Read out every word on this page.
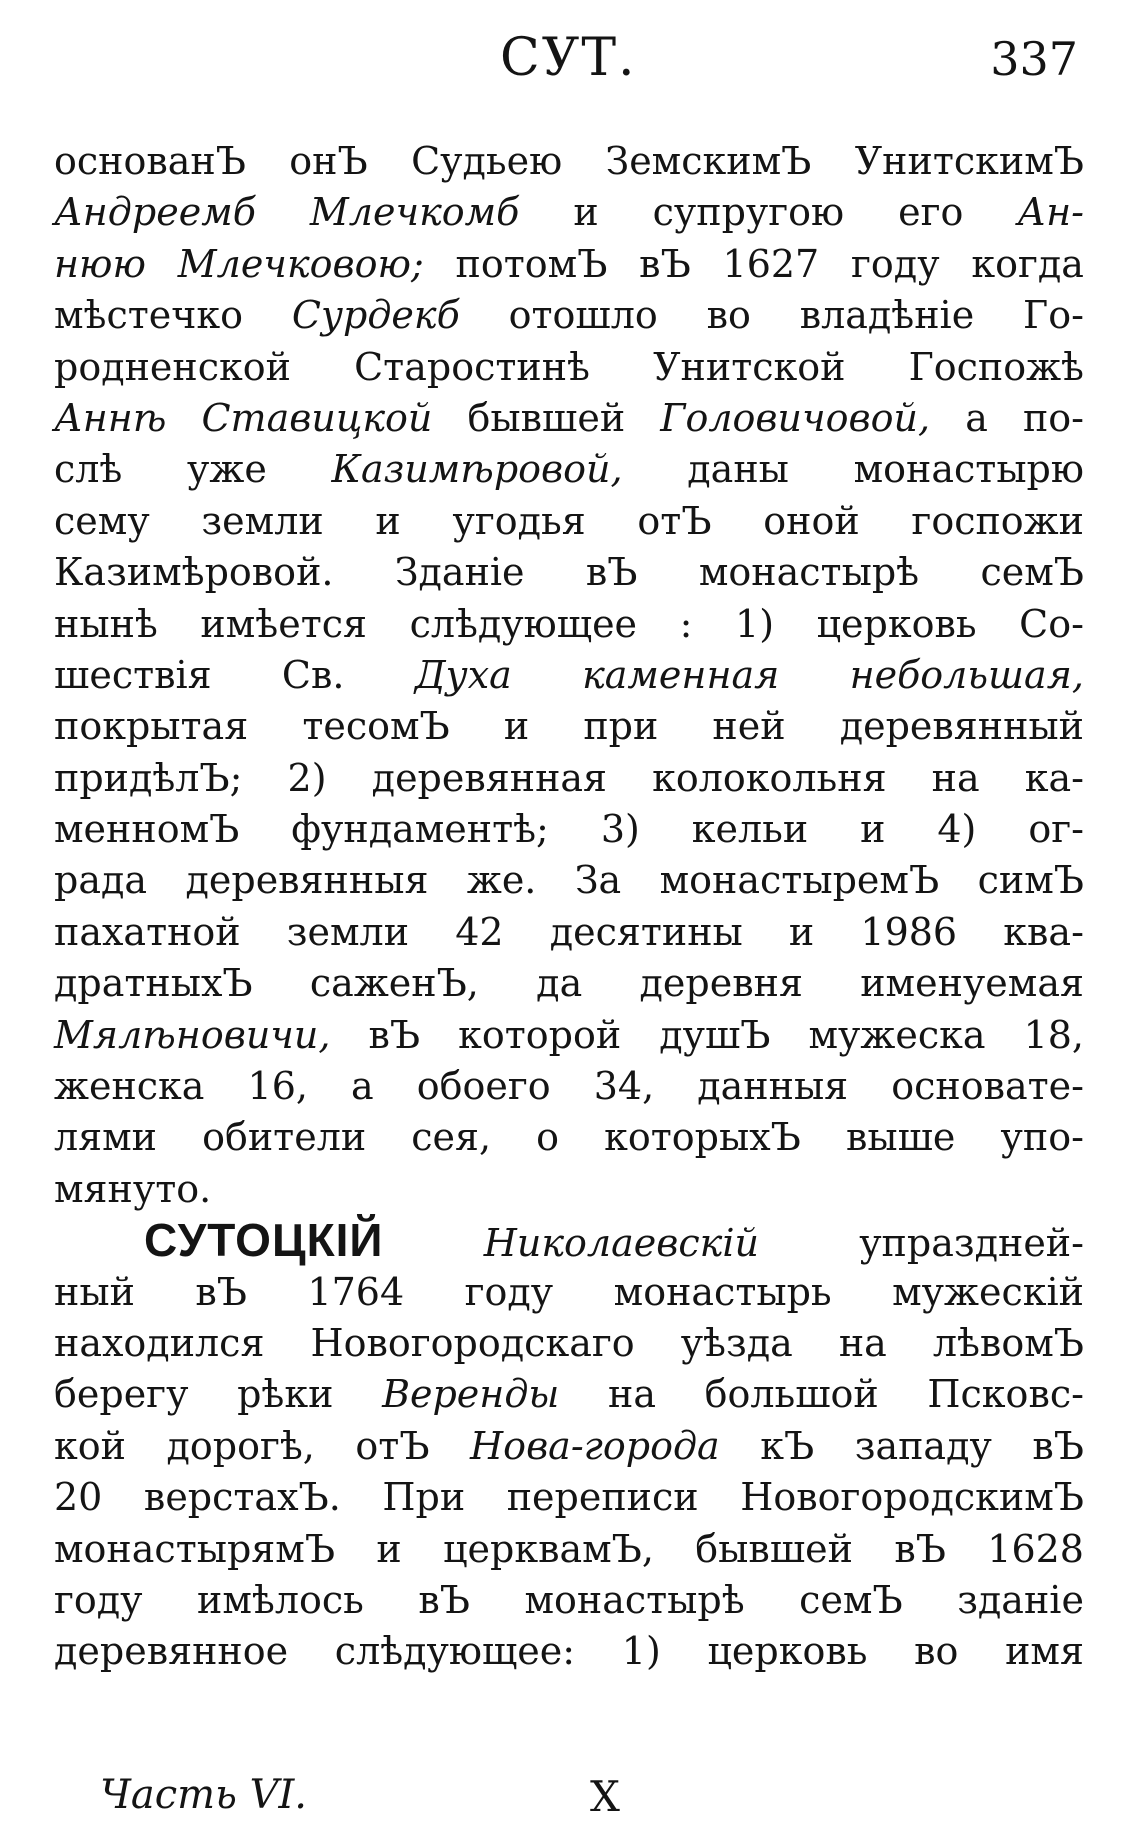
СУТ.	337
основанЪ онЪ Судьею ЗемскимЪ УнитскимЪ
Андреемб Млечкомб и супругою его Ан-
нюю Млечковою; потомЪ вЪ 1627 году когда
мѣстечко Сурдекб отошло во владѣніе Го-
родненской Старостинѣ Унитской Госпожѣ
Аннѣ Ставицкой бывшей Головичовой, а по-
слѣ уже Казимѣровой, даны монастырю
сему земли и угодья отЪ оной госпожи
Казимѣровой. Зданіе вЪ монастырѣ семЪ
нынѣ имѣется слѣдующее : 1) церковь Со-
шествія Св. Духа каменная небольшая,
покрытая тесомЪ и при ней деревянный
придѣлЪ; 2) деревянная колокольня на ка-
менномЪ фундаментѣ; 3) кельи и 4) ог-
рада деревянныя же. За монастыремЪ симЪ
пахатной земли 42 десятины и 1986 ква-
дратныхЪ саженЪ, да деревня именуемая
Мялѣновичи, вЪ которой душЪ мужеска 18,
женска 16, а обоего 34, данныя основате-
лями обители сея, о которыхЪ выше упо-
мянуто.
СУТОЦКІЙ	Николаевскій	упраздней-
ный вЪ 1764 году монастырь мужескій
находился Новогородскаго уѣзда на лѣвомЪ
берегу рѣки Веренды на большой Псковс-
кой дорогѣ, отЪ Нова-города кЪ западу вЪ
20 верстахЪ. При переписи НовогородскимЪ
монастырямЪ и церквамЪ, бывшей вЪ 1628
году имѣлось вЪ монастырѣ семЪ зданіе
деревянное слѣдующее: 1) церковь во имя
Часть VI.	X
